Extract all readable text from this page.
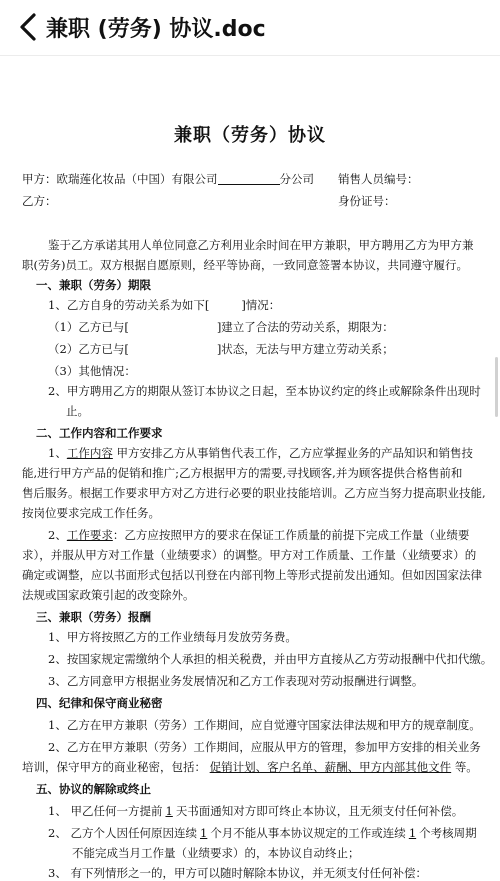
兼职 (劳务) 协议.doc
兼职（劳务）协议
甲方：欧瑞莲化妆品（中国）有限公司	分公司 销售人员编号：
乙方：	身份证号：
鉴于乙方承诺其用人单位同意乙方利用业余时间在甲方兼职，甲方聘用乙方为甲方兼
职(劳务)员工。双方根据自愿原则，经平等协商，一致同意签署本协议，共同遵守履行。
一、兼职（劳务）期限
1、乙方自身的劳动关系为如下[	]情况：
（1）乙方已与[	]建立了合法的劳动关系，期限为：
（2）乙方已与[	]状态，无法与甲方建立劳动关系；
（3）其他情况：
2、甲方聘用乙方的期限从签订本协议之日起，至本协议约定的终止或解除条件出现时
止。
二、工作内容和工作要求
1、工作内容 甲方安排乙方从事销售代表工作，乙方应掌握业务的产品知识和销售技
能,进行甲方产品的促销和推广;乙方根据甲方的需要,寻找顾客,并为顾客提供合格售前和
售后服务。根据工作要求甲方对乙方进行必要的职业技能培训。乙方应当努力提高职业技能,
按岗位要求完成工作任务。
2、工作要求：乙方应按照甲方的要求在保证工作质量的前提下完成工作量（业绩要
求），并服从甲方对工作量（业绩要求）的调整。甲方对工作质量、工作量（业绩要求）的
确定或调整，应以书面形式包括以刊登在内部刊物上等形式提前发出通知。但如因国家法律
法规或国家政策引起的改变除外。
三、兼职（劳务）报酬
1、甲方将按照乙方的工作业绩每月发放劳务费。
2、按国家规定需缴纳个人承担的相关税费，并由甲方直接从乙方劳动报酬中代扣代缴。
3、乙方同意甲方根据业务发展情况和乙方工作表现对劳动报酬进行调整。
四、纪律和保守商业秘密
1、乙方在甲方兼职（劳务）工作期间，应自觉遵守国家法律法规和甲方的规章制度。
2、乙方在甲方兼职（劳务）工作期间，应服从甲方的管理，参加甲方安排的相关业务
培训，保守甲方的商业秘密，包括： 促销计划、客户名单、薪酬、甲方内部其他文件 等。
五、协议的解除或终止
1、 甲乙任何一方提前 1 天书面通知对方即可终止本协议，且无须支付任何补偿。
2、 乙方个人因任何原因连续 1 个月不能从事本协议规定的工作或连续 1 个考核周期
不能完成当月工作量（业绩要求）的，本协议自动终止；
3、 有下列情形之一的，甲方可以随时解除本协议，并无须支付任何补偿：
